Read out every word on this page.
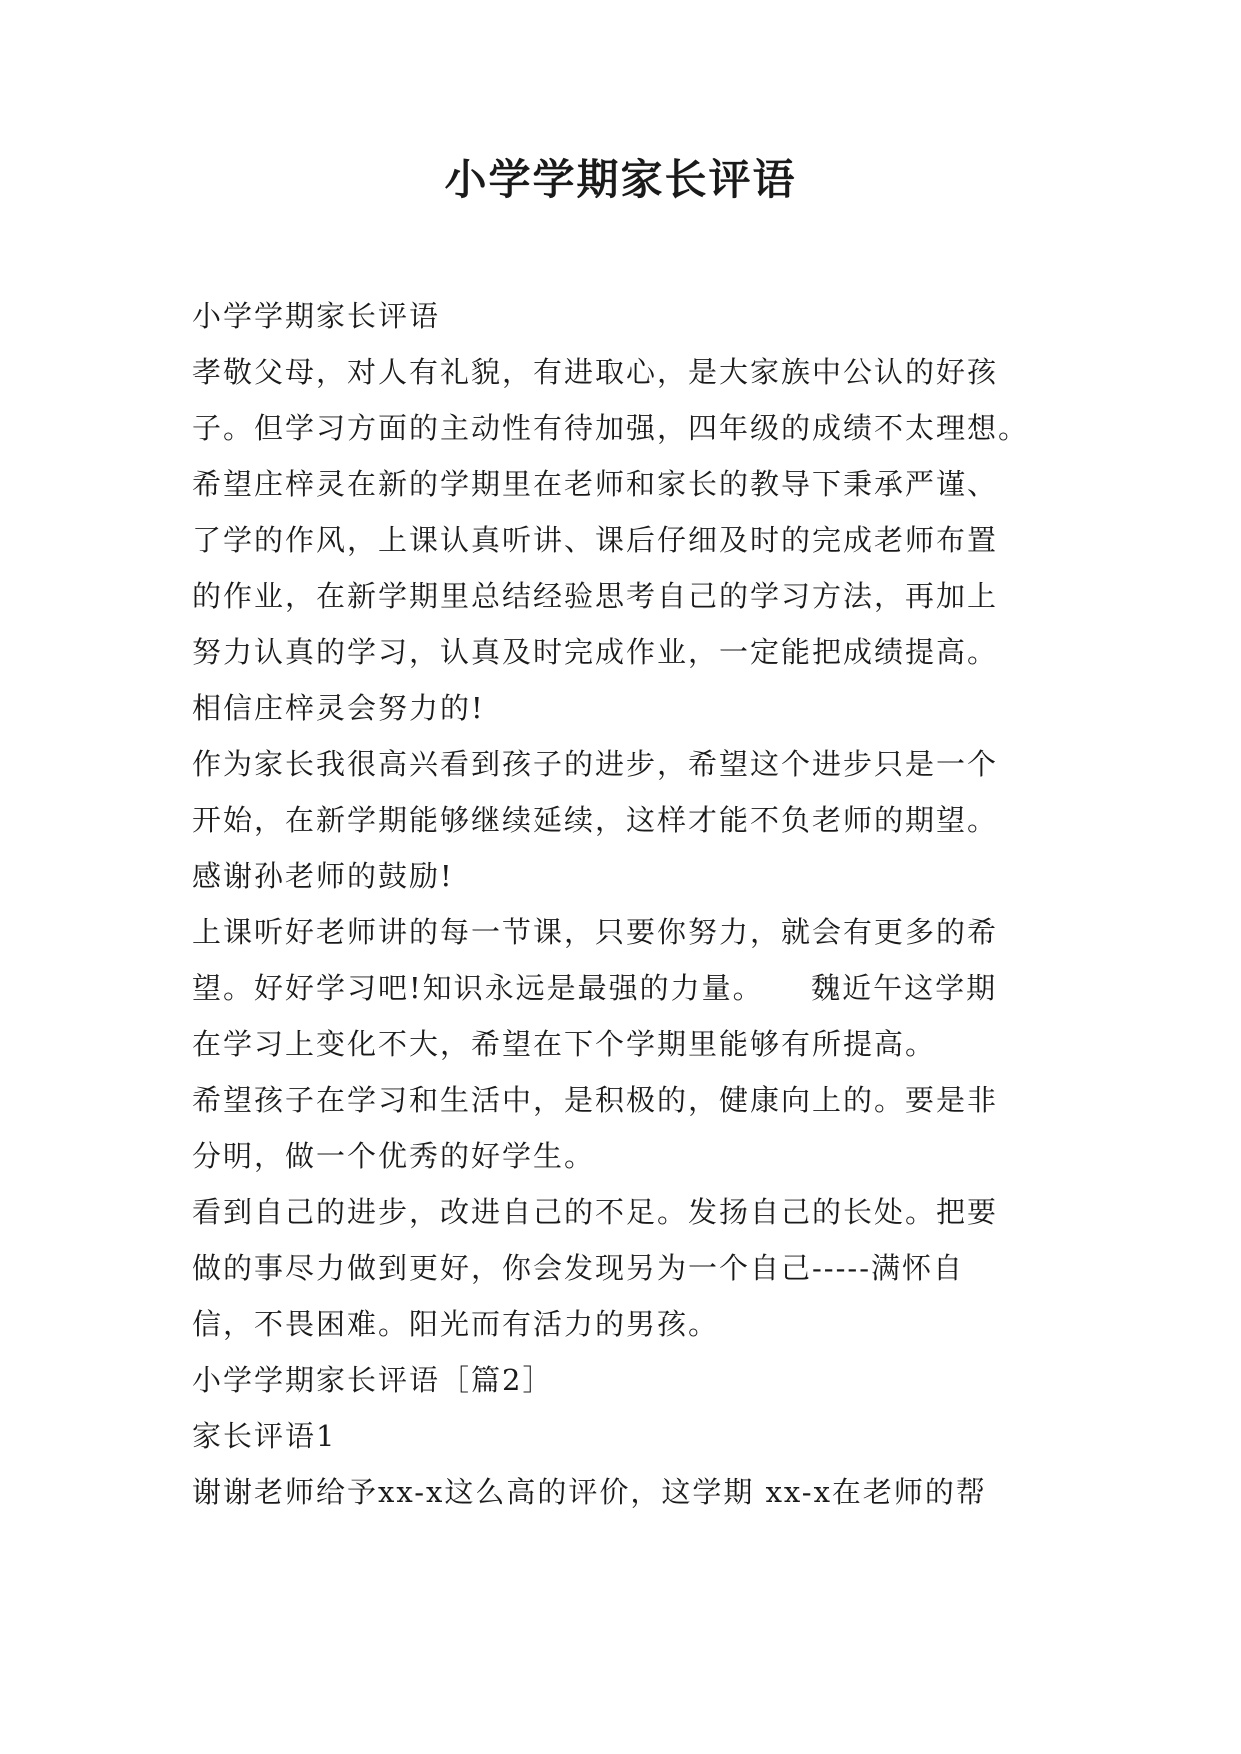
小学学期家长评语
小学学期家长评语
孝敬父母，对人有礼貌，有进取心，是大家族中公认的好孩
子。但学习方面的主动性有待加强，四年级的成绩不太理想。
希望庄梓灵在新的学期里在老师和家长的教导下秉承严谨、
了学的作风，上课认真听讲、课后仔细及时的完成老师布置
的作业，在新学期里总结经验思考自己的学习方法，再加上
努力认真的学习，认真及时完成作业，一定能把成绩提高。
相信庄梓灵会努力的!
作为家长我很高兴看到孩子的进步，希望这个进步只是一个
开始，在新学期能够继续延续，这样才能不负老师的期望。
感谢孙老师的鼓励!
上课听好老师讲的每一节课，只要你努力，就会有更多的希
望。好好学习吧!知识永远是最强的力量。　　魏近午这学期
在学习上变化不大，希望在下个学期里能够有所提高。
希望孩子在学习和生活中，是积极的，健康向上的。要是非
分明，做一个优秀的好学生。
看到自己的进步，改进自己的不足。发扬自己的长处。把要
做的事尽力做到更好，你会发现另为一个自己-----满怀自
信，不畏困难。阳光而有活力的男孩。
小学学期家长评语［篇2］
家长评语1
谢谢老师给予xx-x这么高的评价，这学期 xx-x在老师的帮
